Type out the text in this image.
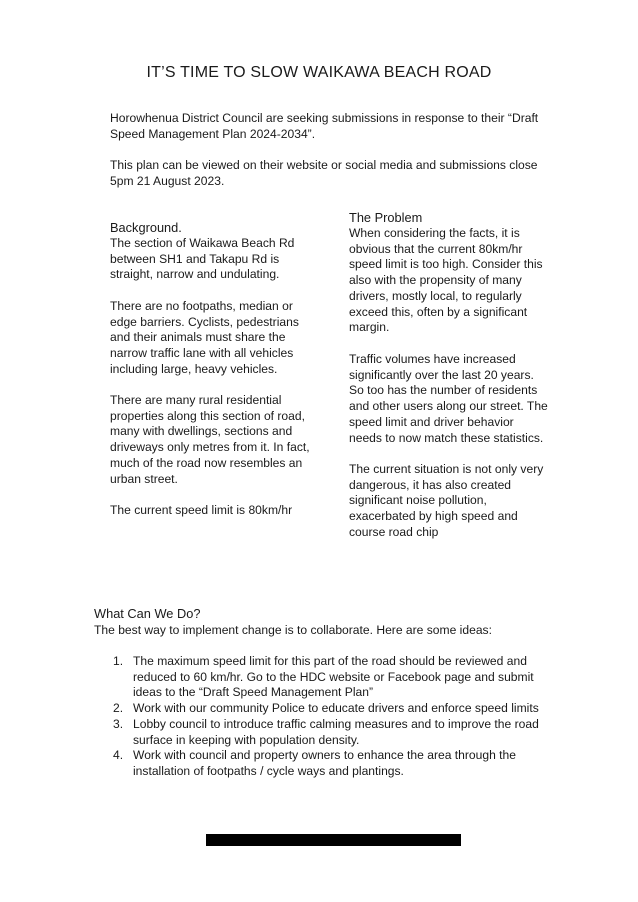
IT’S TIME TO SLOW WAIKAWA BEACH ROAD

Horowhenua District Council are seeking submissions in response to their “Draft Speed Management Plan 2024-2034”.

This plan can be viewed on their website or social media and submissions close 5pm 21 August 2023.

Background.

The section of Waikawa Beach Rd between SH1 and Takapu Rd is straight, narrow and undulating.

There are no footpaths, median or edge barriers. Cyclists, pedestrians and their animals must share the narrow traffic lane with all vehicles including large, heavy vehicles.

There are many rural residential properties along this section of road, many with dwellings, sections and driveways only metres from it. In fact, much of the road now resembles an urban street.

The current speed limit is 80km/hr

The Problem

When considering the facts, it is obvious that the current 80km/hr speed limit is too high. Consider this also with the propensity of many drivers, mostly local, to regularly exceed this, often by a significant margin.

Traffic volumes have increased significantly over the last 20 years. So too has the number of residents and other users along our street. The speed limit and driver behavior needs to now match these statistics.

The current situation is not only very dangerous, it has also created significant noise pollution, exacerbated by high speed and course road chip

What Can We Do?

The best way to implement change is to collaborate. Here are some ideas:

1. The maximum speed limit for this part of the road should be reviewed and reduced to 60 km/hr. Go to the HDC website or Facebook page and submit ideas to the “Draft Speed Management Plan”
2. Work with our community Police to educate drivers and enforce speed limits
3. Lobby council to introduce traffic calming measures and to improve the road surface in keeping with population density.
4. Work with council and property owners to enhance the area through the installation of footpaths / cycle ways and plantings.
